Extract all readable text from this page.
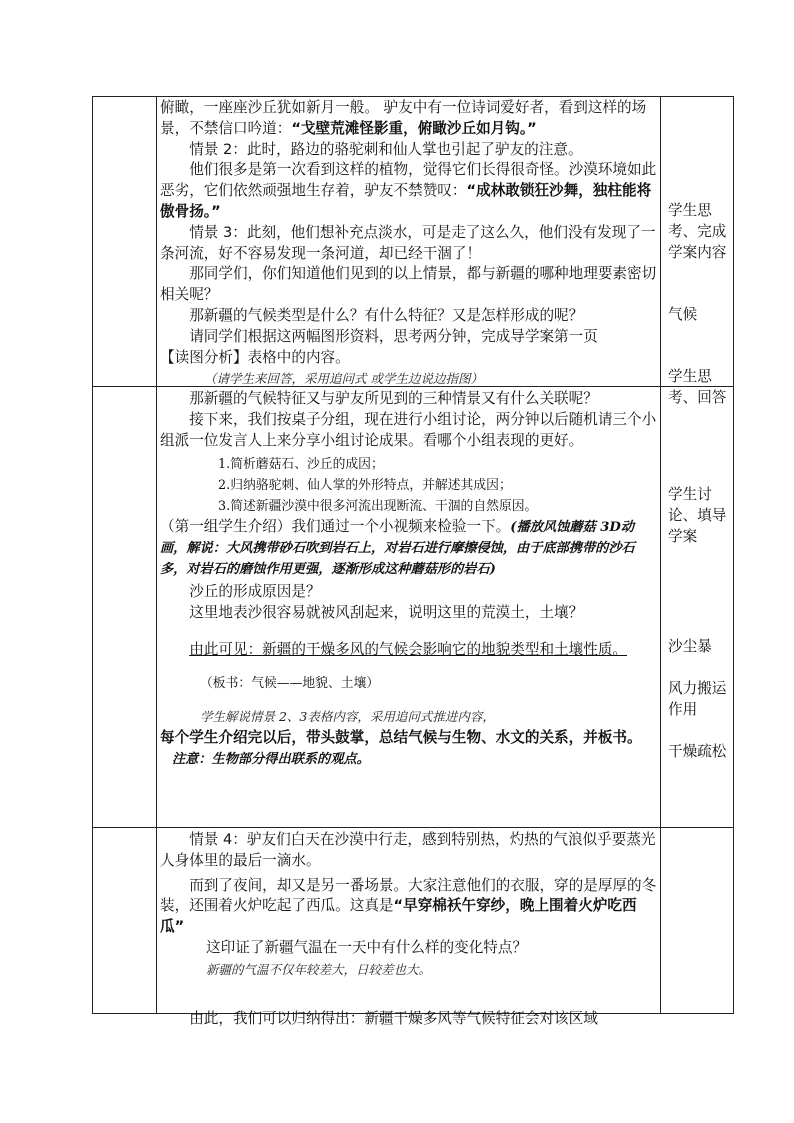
俯瞰，一座座沙丘犹如新月一般。 驴友中有一位诗词爱好者，看到这样的场景，不禁信口吟道：“戈壁荒滩怪影重，俯瞰沙丘如月钩。”

情景 2：此时，路边的骆驼刺和仙人掌也引起了驴友的注意。

他们很多是第一次看到这样的植物，觉得它们长得很奇怪。沙漠环境如此恶劣，它们依然顽强地生存着，驴友不禁赞叹：“成林敢锁狂沙舞，独柱能将傲骨扬。”

情景 3：此刻，他们想补充点淡水，可是走了这么久，他们没有发现了一条河流，好不容易发现一条河道，却已经干涸了！

那同学们，你们知道他们见到的以上情景，都与新疆的哪种地理要素密切相关呢？

那新疆的气候类型是什么？有什么特征？又是怎样形成的呢？

请同学们根据这两幅图形资料，思考两分钟，完成导学案第一页

【读图分析】表格中的内容。

（请学生来回答，采用追问式 或学生边说边指图）

学生思考、完成学案内容
气候
学生思考、回答

那新疆的气候特征又与驴友所见到的三种情景又有什么关联呢？

接下来，我们按桌子分组，现在进行小组讨论，两分钟以后随机请三个小组派一位发言人上来分享小组讨论成果。看哪个小组表现的更好。

1.简析蘑菇石、沙丘的成因；

2.归纳骆驼刺、仙人掌的外形特点，并解述其成因；

3.简述新疆沙漠中很多河流出现断流、干涸的自然原因。

（第一组学生介绍）我们通过一个小视频来检验一下。(播放风蚀蘑菇 3D动画，解说：大风携带砂石吹到岩石上，对岩石进行摩擦侵蚀，由于底部携带的沙石多，对岩石的磨蚀作用更强，逐渐形成这种蘑菇形的岩石)

沙丘的形成原因是？

这里地表沙很容易就被风刮起来，说明这里的荒漠土，土壤？

由此可见：新疆的干燥多风的气候会影响它的地貌类型和土壤性质。

（板书：气候——地貌、土壤）

学生解说情景 2、3表格内容，采用追问式推进内容，

每个学生介绍完以后，带头鼓掌，总结气候与生物、水文的关系，并板书。注意：生物部分得出联系的观点。

学生讨论、填导学案
沙尘暴
风力搬运作用
干燥疏松

情景 4：驴友们白天在沙漠中行走，感到特别热，灼热的气浪似乎要蒸光人身体里的最后一滴水。

而到了夜间，却又是另一番场景。大家注意他们的衣服，穿的是厚厚的冬装，还围着火炉吃起了西瓜。这真是“早穿棉袄午穿纱，晚上围着火炉吃西瓜”

这印证了新疆气温在一天中有什么样的变化特点？

新疆的气温不仅年较差大，日较差也大。

由此，我们可以归纳得出：新疆干燥多风等气候特征会对该区域
